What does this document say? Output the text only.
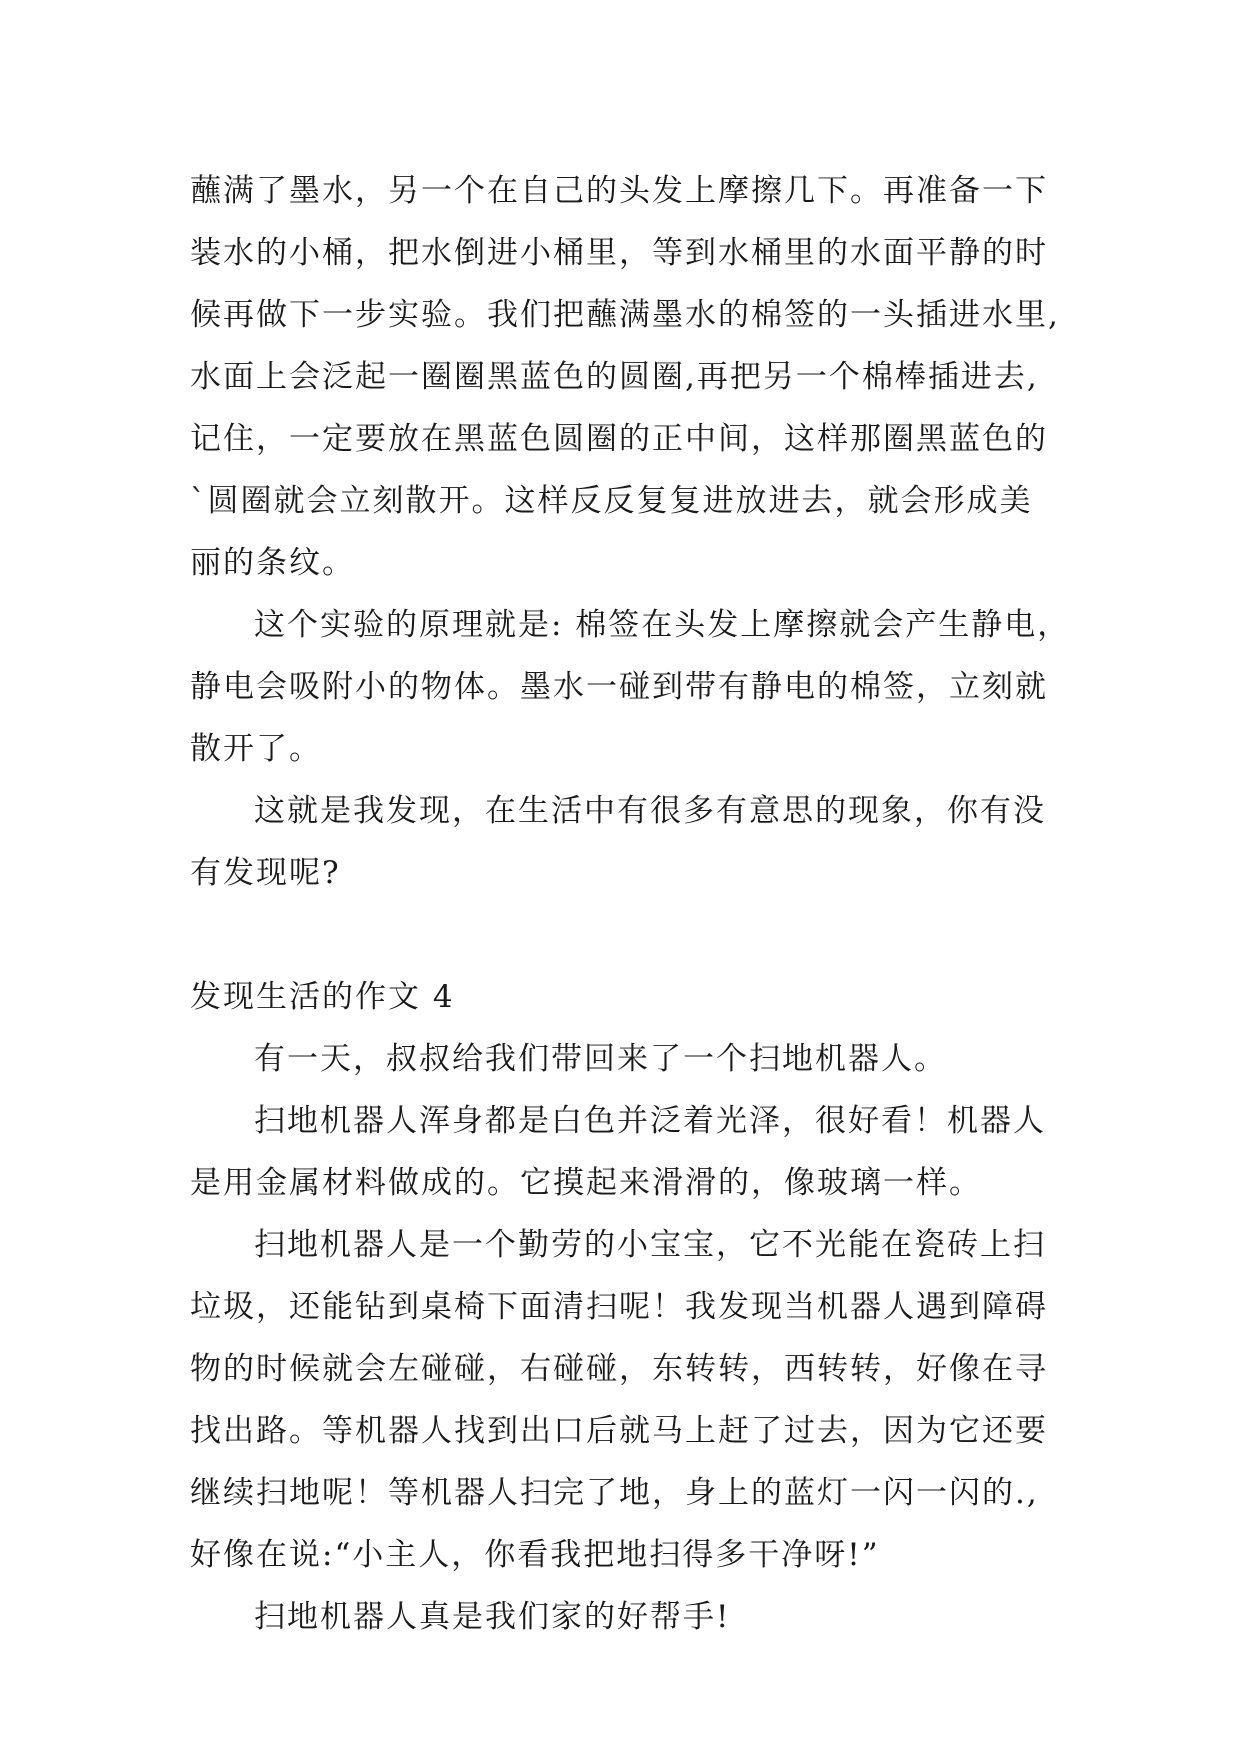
蘸满了墨水，另一个在自己的头发上摩擦几下。再准备一下
装水的小桶，把水倒进小桶里，等到水桶里的水面平静的时
候再做下一步实验。我们把蘸满墨水的棉签的一头插进水里,
水面上会泛起一圈圈黑蓝色的圆圈,再把另一个棉棒插进去,
记住，一定要放在黑蓝色圆圈的正中间，这样那圈黑蓝色的
`圆圈就会立刻散开。这样反反复复进放进去，就会形成美
丽的条纹。
这个实验的原理就是: 棉签在头发上摩擦就会产生静电，
静电会吸附小的物体。墨水一碰到带有静电的棉签，立刻就
散开了。
这就是我发现，在生活中有很多有意思的现象，你有没
有发现呢?
发现生活的作文 4
有一天，叔叔给我们带回来了一个扫地机器人。
扫地机器人浑身都是白色并泛着光泽，很好看！机器人
是用金属材料做成的。它摸起来滑滑的，像玻璃一样。
扫地机器人是一个勤劳的小宝宝，它不光能在瓷砖上扫
垃圾，还能钻到桌椅下面清扫呢！我发现当机器人遇到障碍
物的时候就会左碰碰，右碰碰，东转转，西转转，好像在寻
找出路。等机器人找到出口后就马上赶了过去，因为它还要
继续扫地呢！等机器人扫完了地，身上的蓝灯一闪一闪的.,
好像在说:“小主人，你看我把地扫得多干净呀!”
扫地机器人真是我们家的好帮手!
